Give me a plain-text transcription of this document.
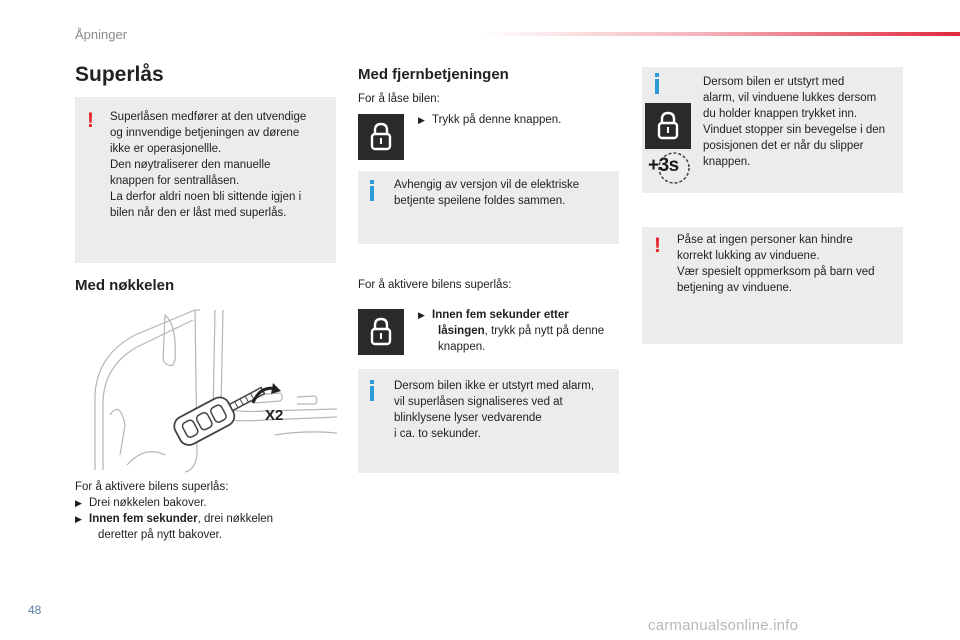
Åpninger
Superlås
! Superlåsen medfører at den utvendige
og innvendige betjeningen av dørene
ikke er operasjonellle.
Den nøytraliserer den manuelle
knappen for sentrallåsen.
La derfor aldri noen bli sittende igjen i
bilen når den er låst med superlås.
Med nøkkelen
X2
For å aktivere bilens superlås:
▶ Drei nøkkelen bakover.
▶ Innen fem sekunder, drei nøkkelen
deretter på nytt bakover.
Med fjernbetjeningen
For å låse bilen:
▶ Trykk på denne knappen.
Avhengig av versjon vil de elektriske
betjente speilene foldes sammen.
For å aktivere bilens superlås:
▶ Innen fem sekunder etter
låsingen, trykk på nytt på denne
knappen.
Dersom bilen ikke er utstyrt med alarm,
vil superlåsen signaliseres ved at
blinklysene lyser vedvarende
i ca. to sekunder.
+3s
Dersom bilen er utstyrt med
alarm, vil vinduene lukkes dersom
du holder knappen trykket inn.
Vinduet stopper sin bevegelse i den
posisjonen det er når du slipper
knappen.
! Påse at ingen personer kan hindre
korrekt lukking av vinduene.
Vær spesielt oppmerksom på barn ved
betjening av vinduene.
48
carmanualsonline.info
